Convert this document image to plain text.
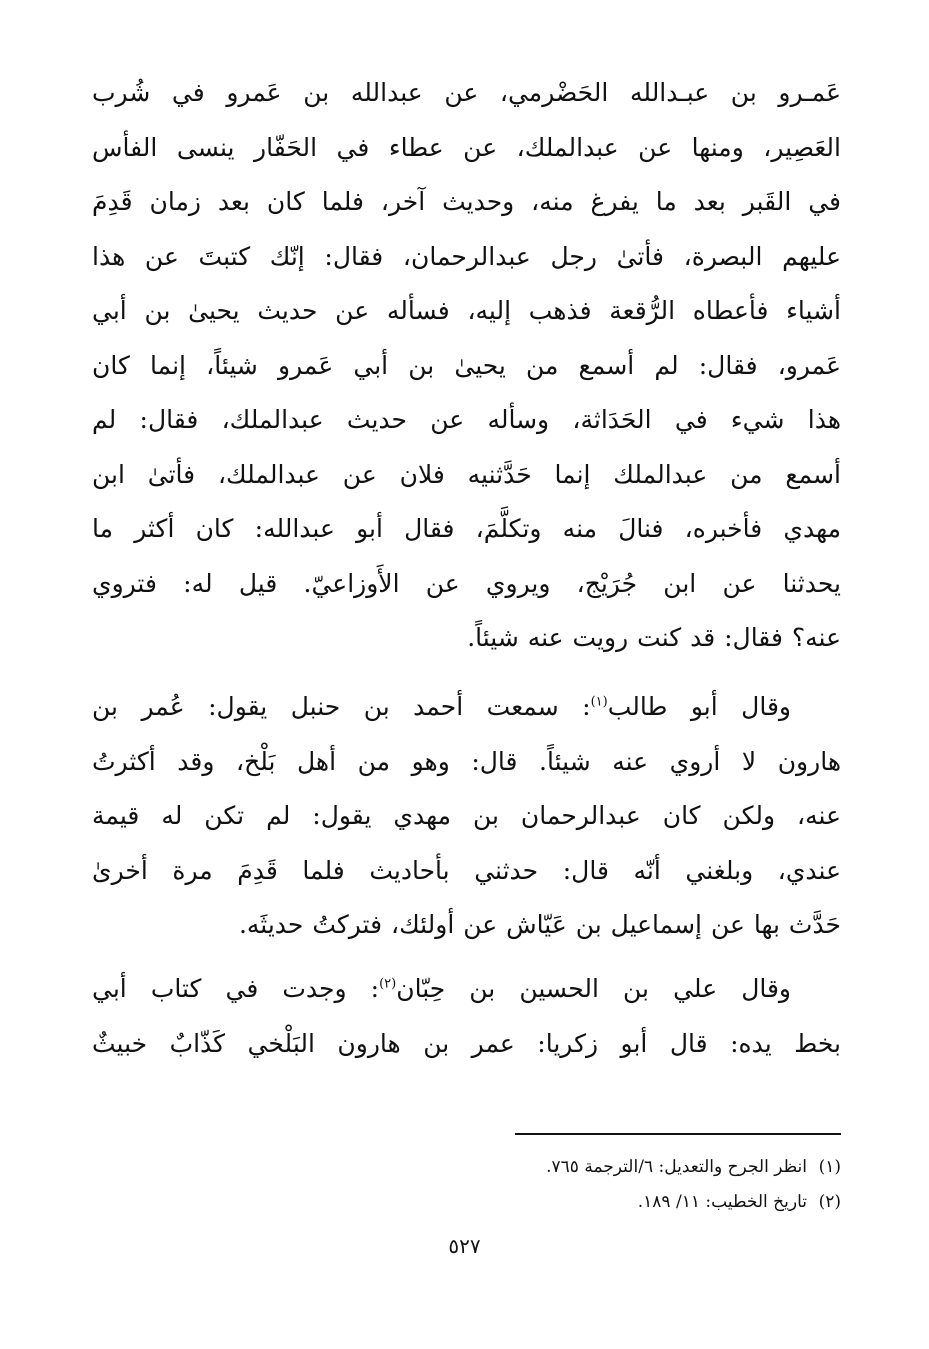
عَمـرو بن عبـدالله الحَضْرمي، عن عبدالله بن عَمرو في شُرب
العَصِير، ومنها عن عبدالملك، عن عطاء في الحَفّار ينسى الفأس
في القَبر بعد ما يفرغ منه، وحديث آخر، فلما كان بعد زمان قَدِمَ
عليهم البصرة، فأتىٰ رجل عبدالرحمان، فقال: إنّك كتبتَ عن هذا
أشياء فأعطاه الرُّقعة فذهب إليه، فسأله عن حديث يحيىٰ بن أبي
عَمرو، فقال: لم أسمع من يحيىٰ بن أبي عَمرو شيئاً، إنما كان
هذا شيء في الحَدَاثة، وسأله عن حديث عبدالملك، فقال: لم
أسمع من عبدالملك إنما حَدَّثنيه فلان عن عبدالملك، فأتىٰ ابن
مهدي فأخبره، فنالَ منه وتكلَّمَ، فقال أبو عبدالله: كان أكثر ما
يحدثنا عن ابن جُرَيْج، ويروي عن الأَوزاعيّ. قيل له: فتروي
عنه؟ فقال: قد كنت رويت عنه شيئاً.
وقال أبو طالب$^{(١)}$: سمعت أحمد بن حنبل يقول: عُمر بن
هارون لا أروي عنه شيئاً. قال: وهو من أهل بَلْخ، وقد أكثرتُ
عنه، ولكن كان عبدالرحمان بن مهدي يقول: لم تكن له قيمة
عندي، وبلغني أنّه قال: حدثني بأحاديث فلما قَدِمَ مرة أخرىٰ
حَدَّث بها عن إسماعيل بن عَيّاش عن أولئك، فتركتُ حديثَه.
وقال علي بن الحسين بن حِبّان$^{(٢)}$: وجدت في كتاب أبي
بخط يده: قال أبو زكريا: عمر بن هارون البَلْخي كَذّابٌ خبيثٌ
(١)انظر الجرح والتعديل: ٦/الترجمة ٧٦٥.
(٢)تاريخ الخطيب: ١١/ ١٨٩.
٥٢٧
